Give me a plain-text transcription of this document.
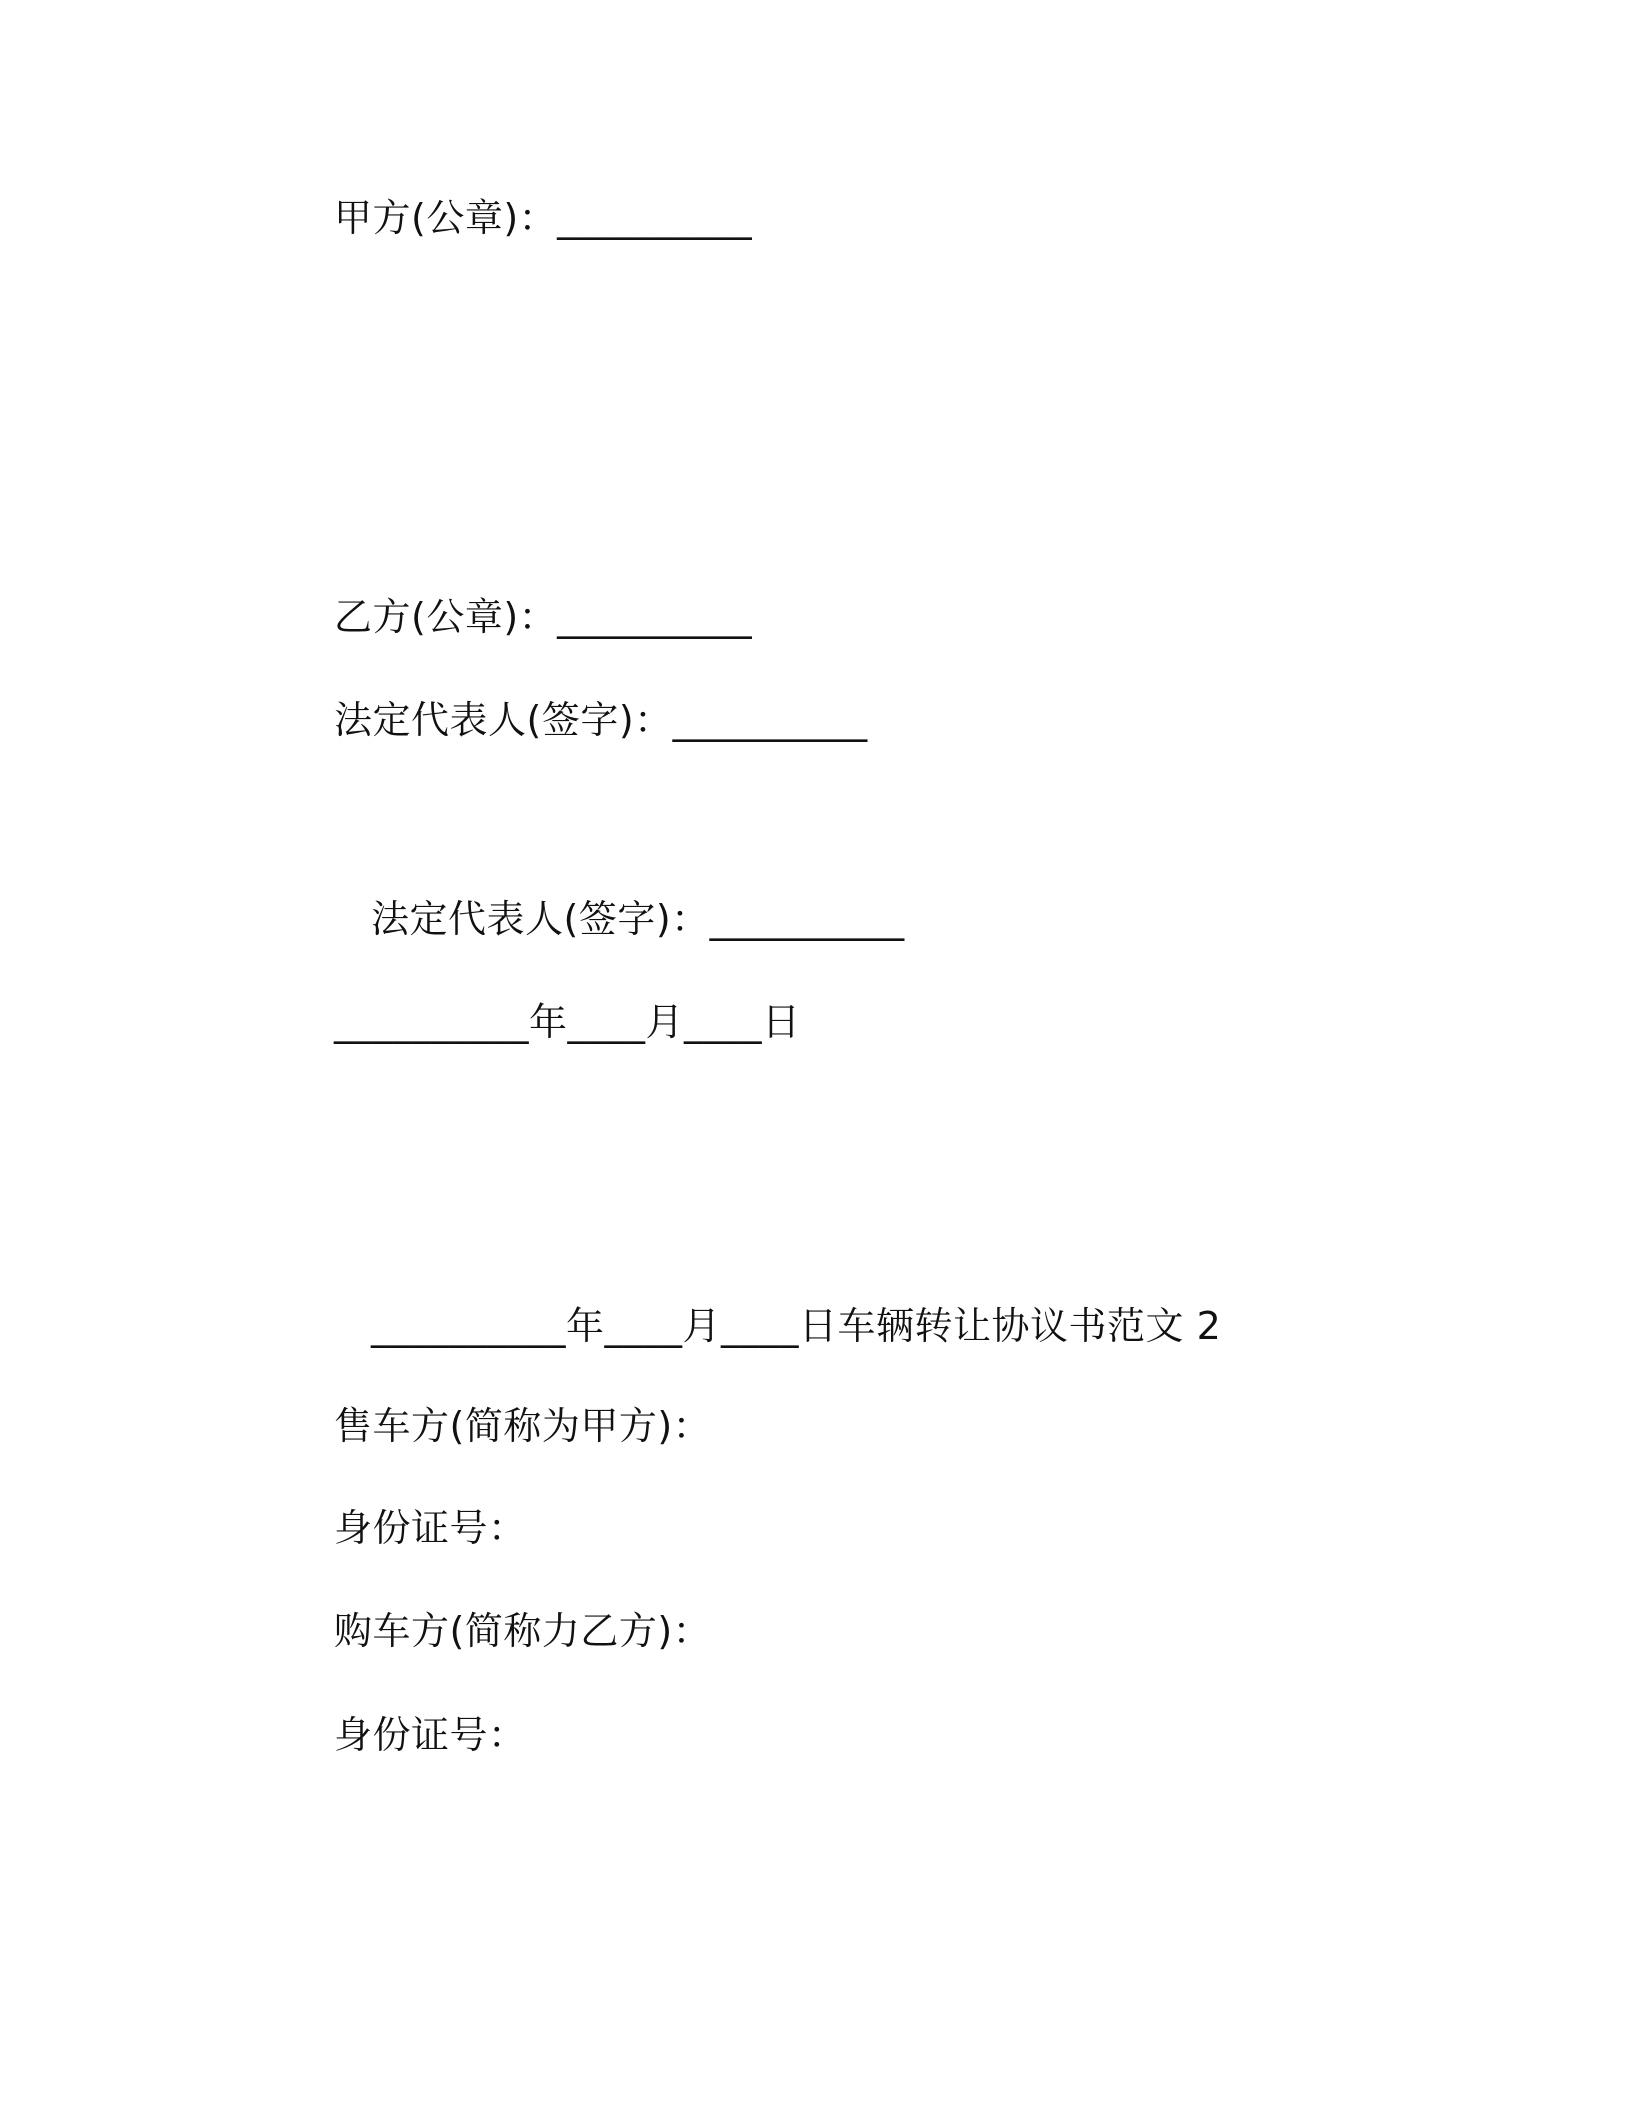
甲方(公章)：__________
乙方(公章)：__________
法定代表人(签字)：__________
法定代表人(签字)：__________
__________年____月____日
__________年____月____日车辆转让协议书范文 2
售车方(简称为甲方)：
身份证号：
购车方(简称力乙方)：
身份证号：
